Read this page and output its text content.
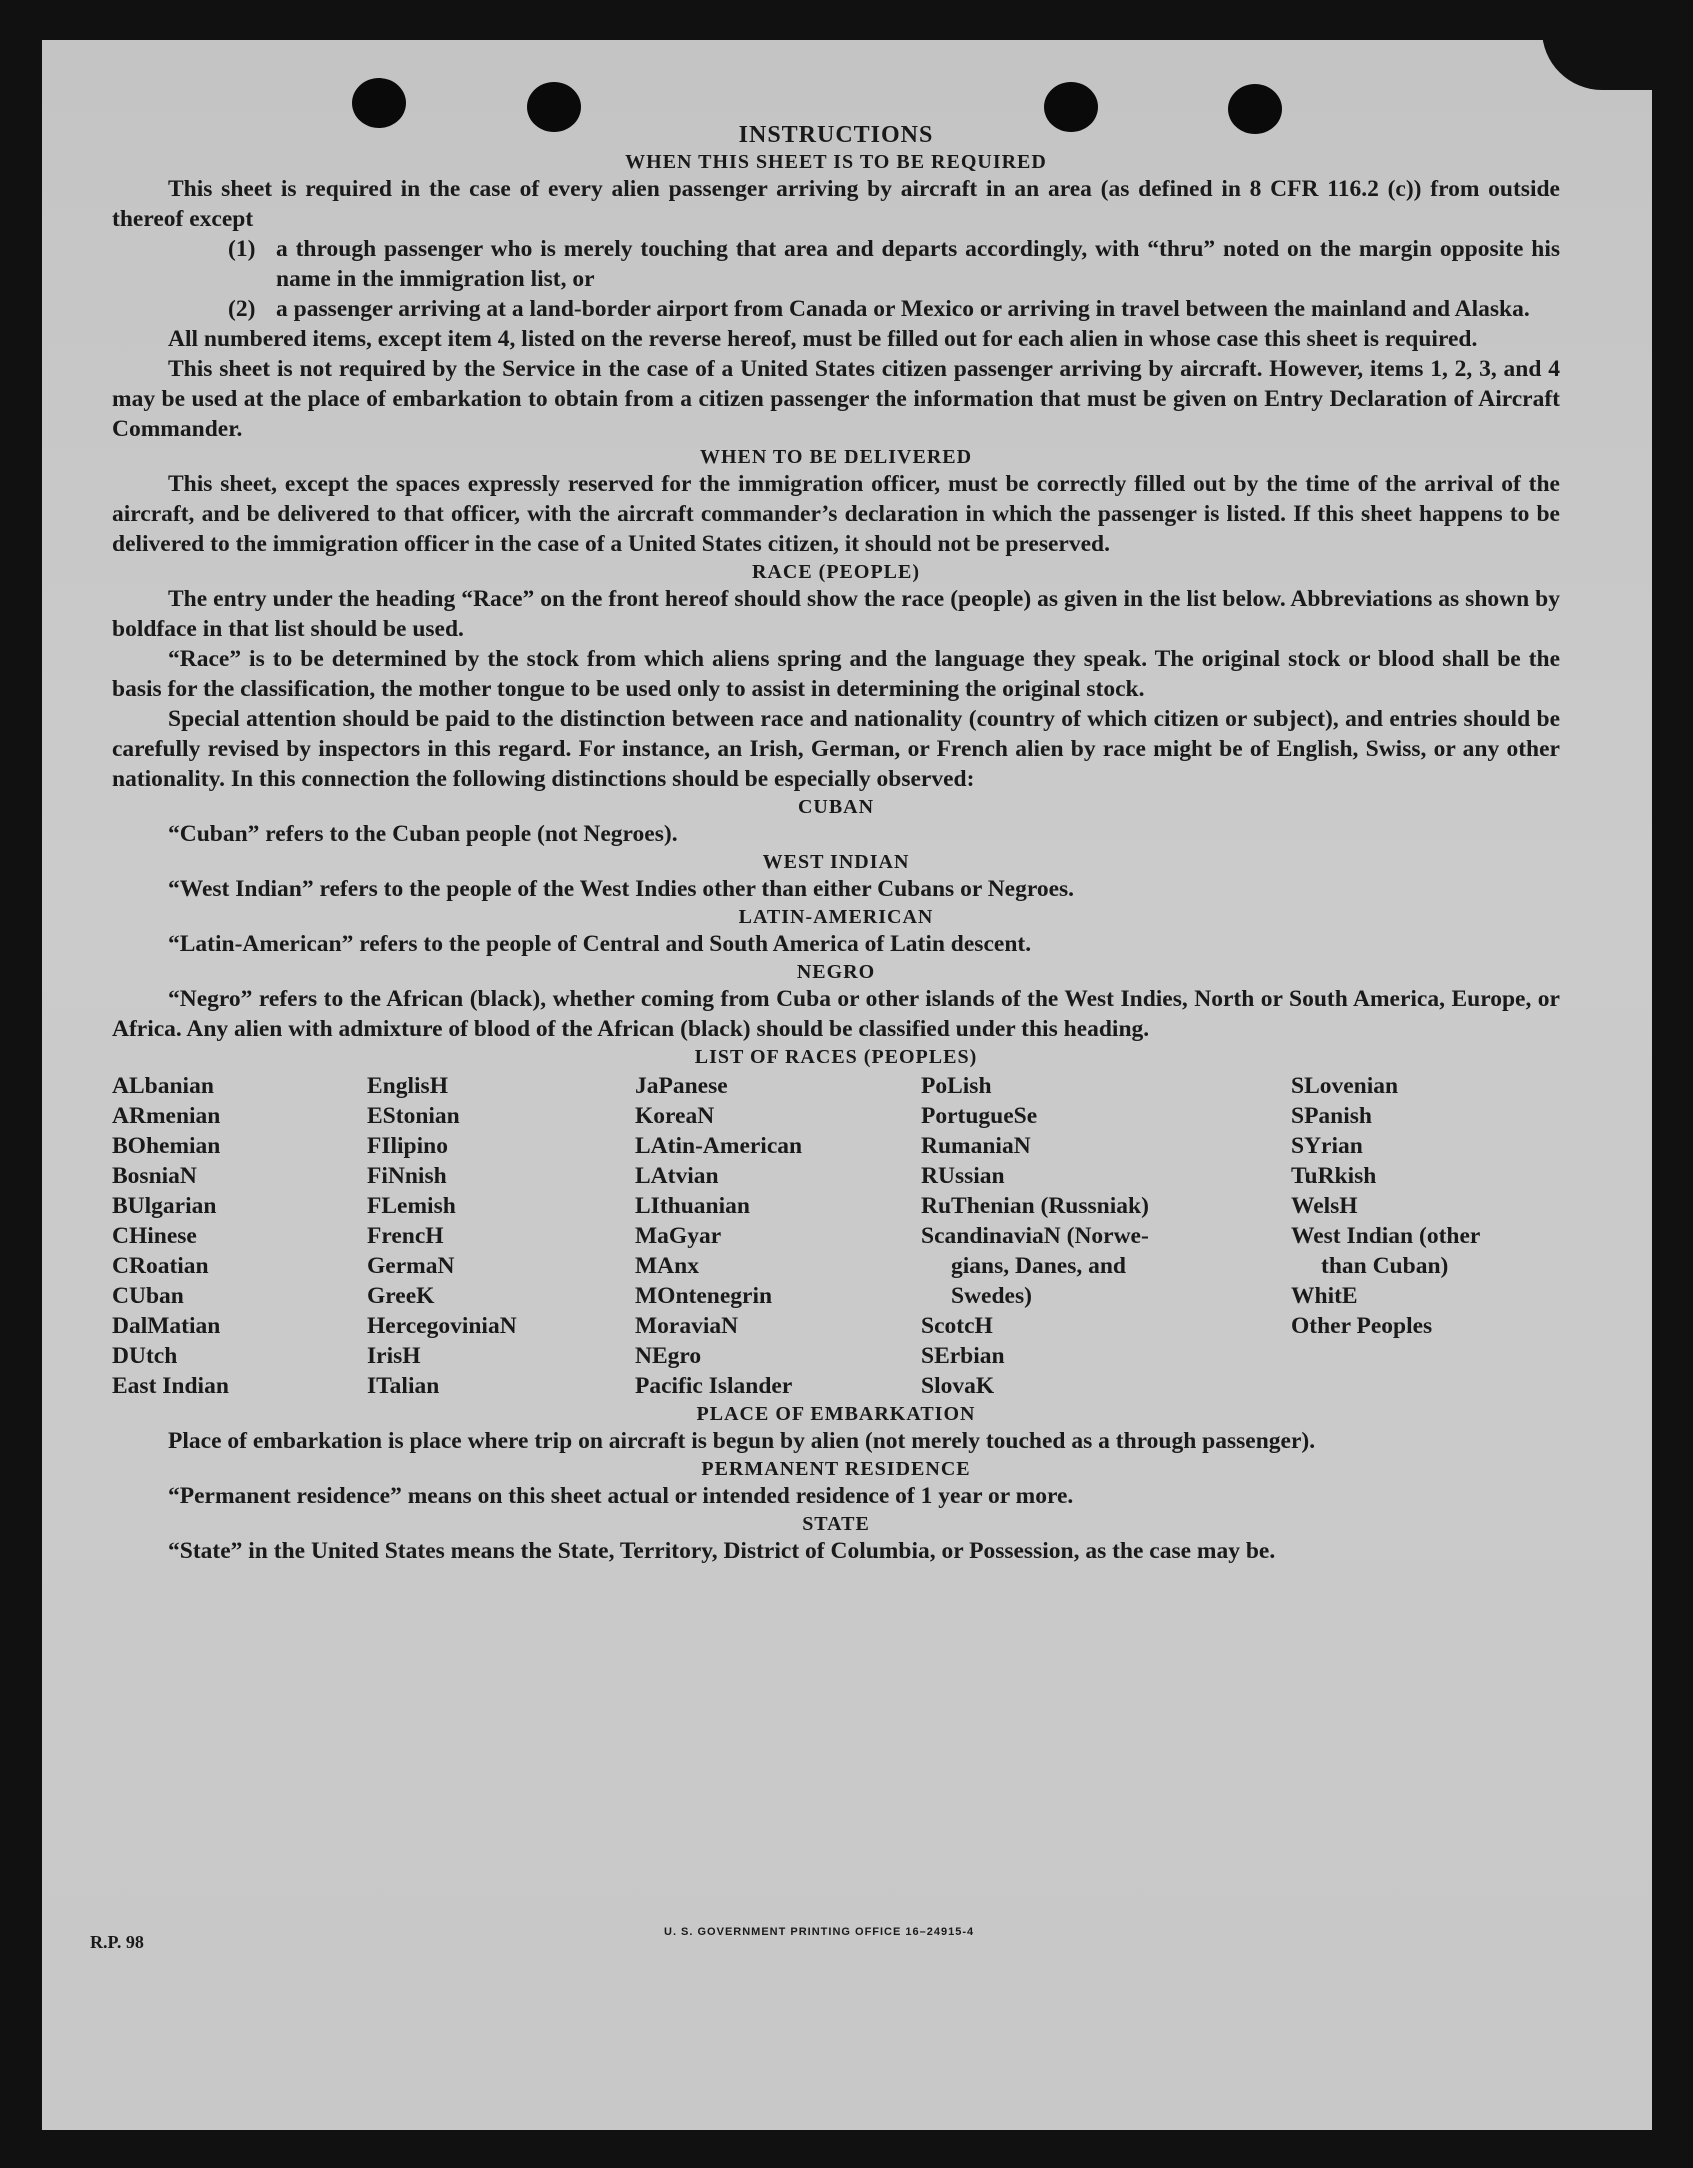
INSTRUCTIONS
WHEN THIS SHEET IS TO BE REQUIRED

This sheet is required in the case of every alien passenger arriving by aircraft in an area (as defined in 8 CFR 116.2 (c)) from outside thereof except

(1) a through passenger who is merely touching that area and departs accordingly, with “thru” noted on the margin opposite his name in the immigration list, or
(2) a passenger arriving at a land-border airport from Canada or Mexico or arriving in travel between the mainland and Alaska.

All numbered items, except item 4, listed on the reverse hereof, must be filled out for each alien in whose case this sheet is required.

This sheet is not required by the Service in the case of a United States citizen passenger arriving by aircraft. However, items 1, 2, 3, and 4 may be used at the place of embarkation to obtain from a citizen passenger the information that must be given on Entry Declaration of Aircraft Commander.

WHEN TO BE DELIVERED

This sheet, except the spaces expressly reserved for the immigration officer, must be correctly filled out by the time of the arrival of the aircraft, and be delivered to that officer, with the aircraft commander’s declaration in which the passenger is listed. If this sheet happens to be delivered to the immigration officer in the case of a United States citizen, it should not be preserved.

RACE (PEOPLE)

The entry under the heading “Race” on the front hereof should show the race (people) as given in the list below. Abbreviations as shown by boldface in that list should be used.

“Race” is to be determined by the stock from which aliens spring and the language they speak. The original stock or blood shall be the basis for the classification, the mother tongue to be used only to assist in determining the original stock.

Special attention should be paid to the distinction between race and nationality (country of which citizen or subject), and entries should be carefully revised by inspectors in this regard. For instance, an Irish, German, or French alien by race might be of English, Swiss, or any other nationality. In this connection the following distinctions should be especially observed:

CUBAN

“Cuban” refers to the Cuban people (not Negroes).

WEST INDIAN

“West Indian” refers to the people of the West Indies other than either Cubans or Negroes.

LATIN-AMERICAN

“Latin-American” refers to the people of Central and South America of Latin descent.

NEGRO

“Negro” refers to the African (black), whether coming from Cuba or other islands of the West Indies, North or South America, Europe, or Africa. Any alien with admixture of blood of the African (black) should be classified under this heading.

LIST OF RACES (PEOPLES)
ALbanian
ARmenian
BOhemian
BosniaN
BUlgarian
CHinese
CRoatian
CUban
DalMatian
DUtch
East Indian
EnglisH
EStonian
FIlipino
FiNnish
FLemish
FrencH
GermaN
GreeK
HercegoviniaN
IrisH
ITalian
JaPanese
KoreaN
LAtin-American
LAtvian
LIthuanian
MaGyar
MAnx
MOntenegrin
MoraviaN
NEgro
Pacific Islander
PoLish
PortugueSe
RumaniaN
RUssian
RuThenian (Russniak)
ScandinaviaN (Norwe-
gians, Danes, and
Swedes)
ScotcH
SErbian
SlovaK
SLovenian
SPanish
SYrian
TuRkish
WelsH
West Indian (other
than Cuban)
WhitE
Other Peoples
PLACE OF EMBARKATION

Place of embarkation is place where trip on aircraft is begun by alien (not merely touched as a through passenger).

PERMANENT RESIDENCE

“Permanent residence” means on this sheet actual or intended residence of 1 year or more.

STATE

“State” in the United States means the State, Territory, District of Columbia, or Possession, as the case may be.

R.P. 98	U. S. GOVERNMENT PRINTING OFFICE 16–24915-4
